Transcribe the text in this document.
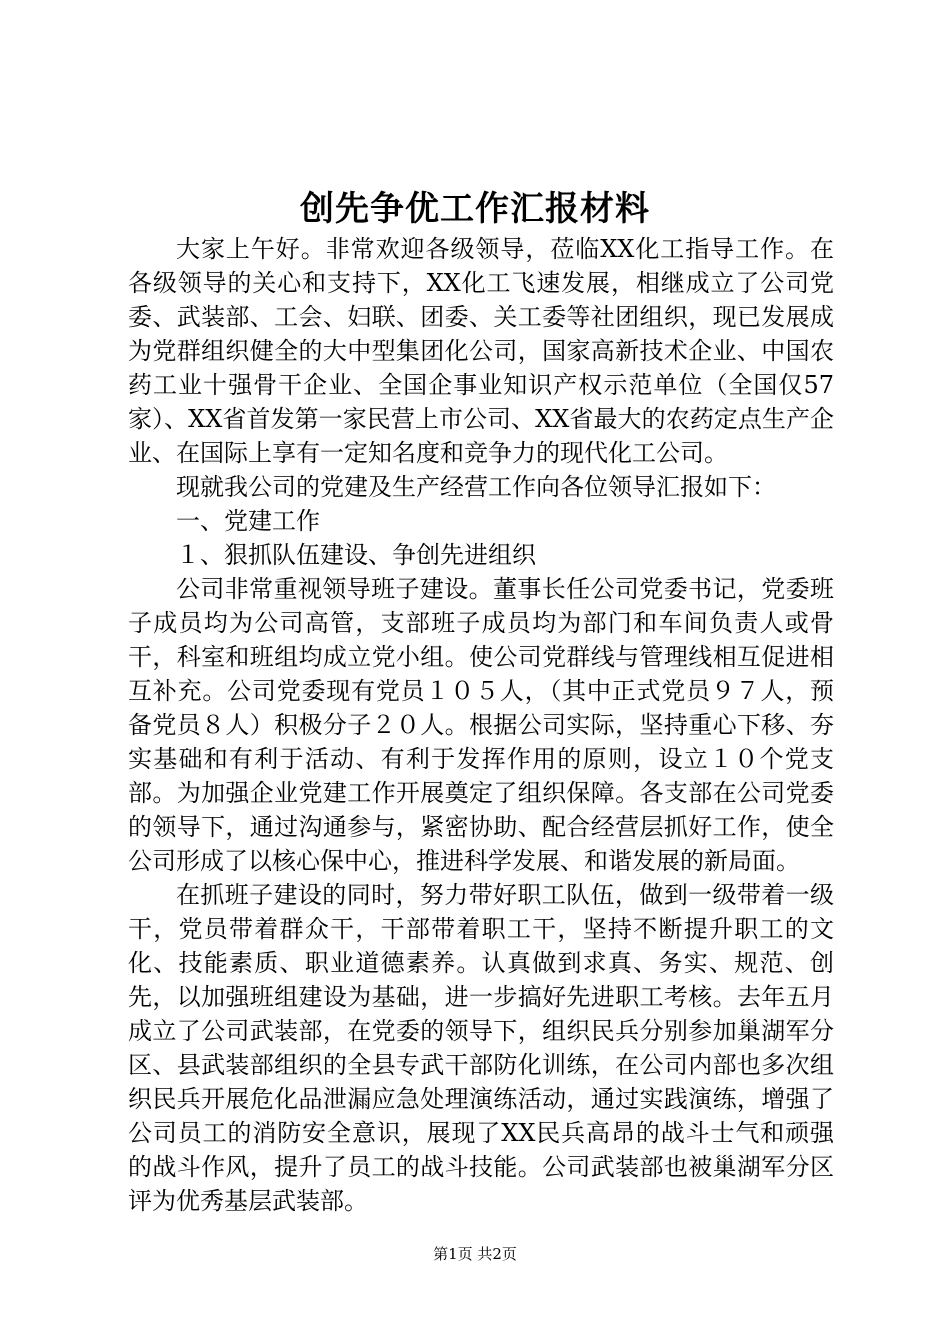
创先争优工作汇报材料

大家上午好。非常欢迎各级领导，莅临XX化工指导工作。在各级领导的关心和支持下，XX化工飞速发展，相继成立了公司党委、武装部、工会、妇联、团委、关工委等社团组织，现已发展成为党群组织健全的大中型集团化公司，国家高新技术企业、中国农药工业十强骨干企业、全国企事业知识产权示范单位（全国仅57家）、XX省首发第一家民营上市公司、XX省最大的农药定点生产企业、在国际上享有一定知名度和竞争力的现代化工公司。

现就我公司的党建及生产经营工作向各位领导汇报如下：

一、党建工作

１、狠抓队伍建设、争创先进组织

公司非常重视领导班子建设。董事长任公司党委书记，党委班子成员均为公司高管，支部班子成员均为部门和车间负责人或骨干，科室和班组均成立党小组。使公司党群线与管理线相互促进相互补充。公司党委现有党员１０５人，（其中正式党员９７人，预备党员８人）积极分子２０人。根据公司实际，坚持重心下移、夯实基础和有利于活动、有利于发挥作用的原则，设立１０个党支部。为加强企业党建工作开展奠定了组织保障。各支部在公司党委的领导下，通过沟通参与，紧密协助、配合经营层抓好工作，使全公司形成了以核心保中心，推进科学发展、和谐发展的新局面。

在抓班子建设的同时，努力带好职工队伍，做到一级带着一级干，党员带着群众干，干部带着职工干，坚持不断提升职工的文化、技能素质、职业道德素养。认真做到求真、务实、规范、创先，以加强班组建设为基础，进一步搞好先进职工考核。去年五月成立了公司武装部，在党委的领导下，组织民兵分别参加巢湖军分区、县武装部组织的全县专武干部防化训练，在公司内部也多次组织民兵开展危化品泄漏应急处理演练活动，通过实践演练，增强了公司员工的消防安全意识，展现了XX民兵高昂的战斗士气和顽强的战斗作风，提升了员工的战斗技能。公司武装部也被巢湖军分区评为优秀基层武装部。

第1页 共2页
